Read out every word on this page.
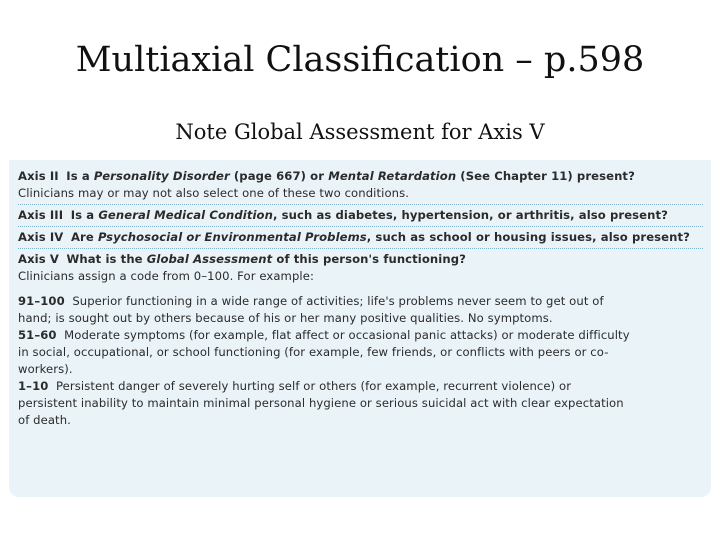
Multiaxial Classification – p.598
Note Global Assessment for Axis V
Axis II Is a Personality Disorder (page 667) or Mental Retardation (See Chapter 11) present?
Clinicians may or may not also select one of these two conditions.
Axis III Is a General Medical Condition, such as diabetes, hypertension, or arthritis, also present?
Axis IV Are Psychosocial or Environmental Problems, such as school or housing issues, also present?
Axis V What is the Global Assessment of this person's functioning?
Clinicians assign a code from 0–100. For example:
91–100 Superior functioning in a wide range of activities; life's problems never seem to get out of
hand; is sought out by others because of his or her many positive qualities. No symptoms.
51–60 Moderate symptoms (for example, flat affect or occasional panic attacks) or moderate difficulty
in social, occupational, or school functioning (for example, few friends, or conflicts with peers or co-
workers).
1–10 Persistent danger of severely hurting self or others (for example, recurrent violence) or
persistent inability to maintain minimal personal hygiene or serious suicidal act with clear expectation
of death.
